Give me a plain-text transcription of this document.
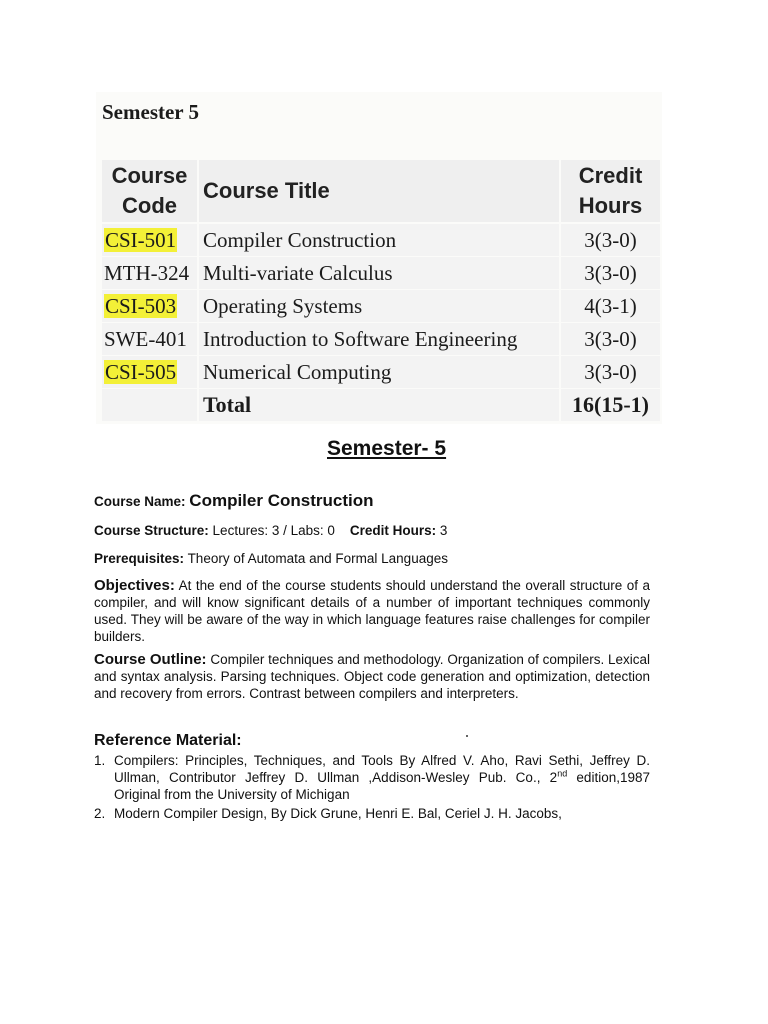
Semester 5
Course
Code	Course Title	Credit
Hours
CSI-501	Compiler Construction	3(3-0)
MTH-324	Multi-variate Calculus	3(3-0)
CSI-503	Operating Systems	4(3-1)
SWE-401	Introduction to Software Engineering	3(3-0)
CSI-505	Numerical Computing	3(3-0)
	Total	16(15-1)
Semester- 5
Course Name: Compiler Construction
Course Structure: Lectures: 3 / Labs: 0 Credit Hours: 3
Prerequisites: Theory of Automata and Formal Languages
Objectives: At the end of the course students should understand the overall structure of a compiler, and will know significant details of a number of important techniques commonly used. They will be aware of the way in which language features raise challenges for compiler builders.
Course Outline: Compiler techniques and methodology. Organization of compilers. Lexical and syntax analysis. Parsing techniques. Object code generation and optimization, detection and recovery from errors. Contrast between compilers and interpreters.
Reference Material:
1. Compilers: Principles, Techniques, and Tools By Alfred V. Aho, Ravi Sethi, Jeffrey D. Ullman, Contributor Jeffrey D. Ullman ,Addison-Wesley Pub. Co., 2nd edition,1987 Original from the University of Michigan
2. Modern Compiler Design, By Dick Grune, Henri E. Bal, Ceriel J. H. Jacobs,
